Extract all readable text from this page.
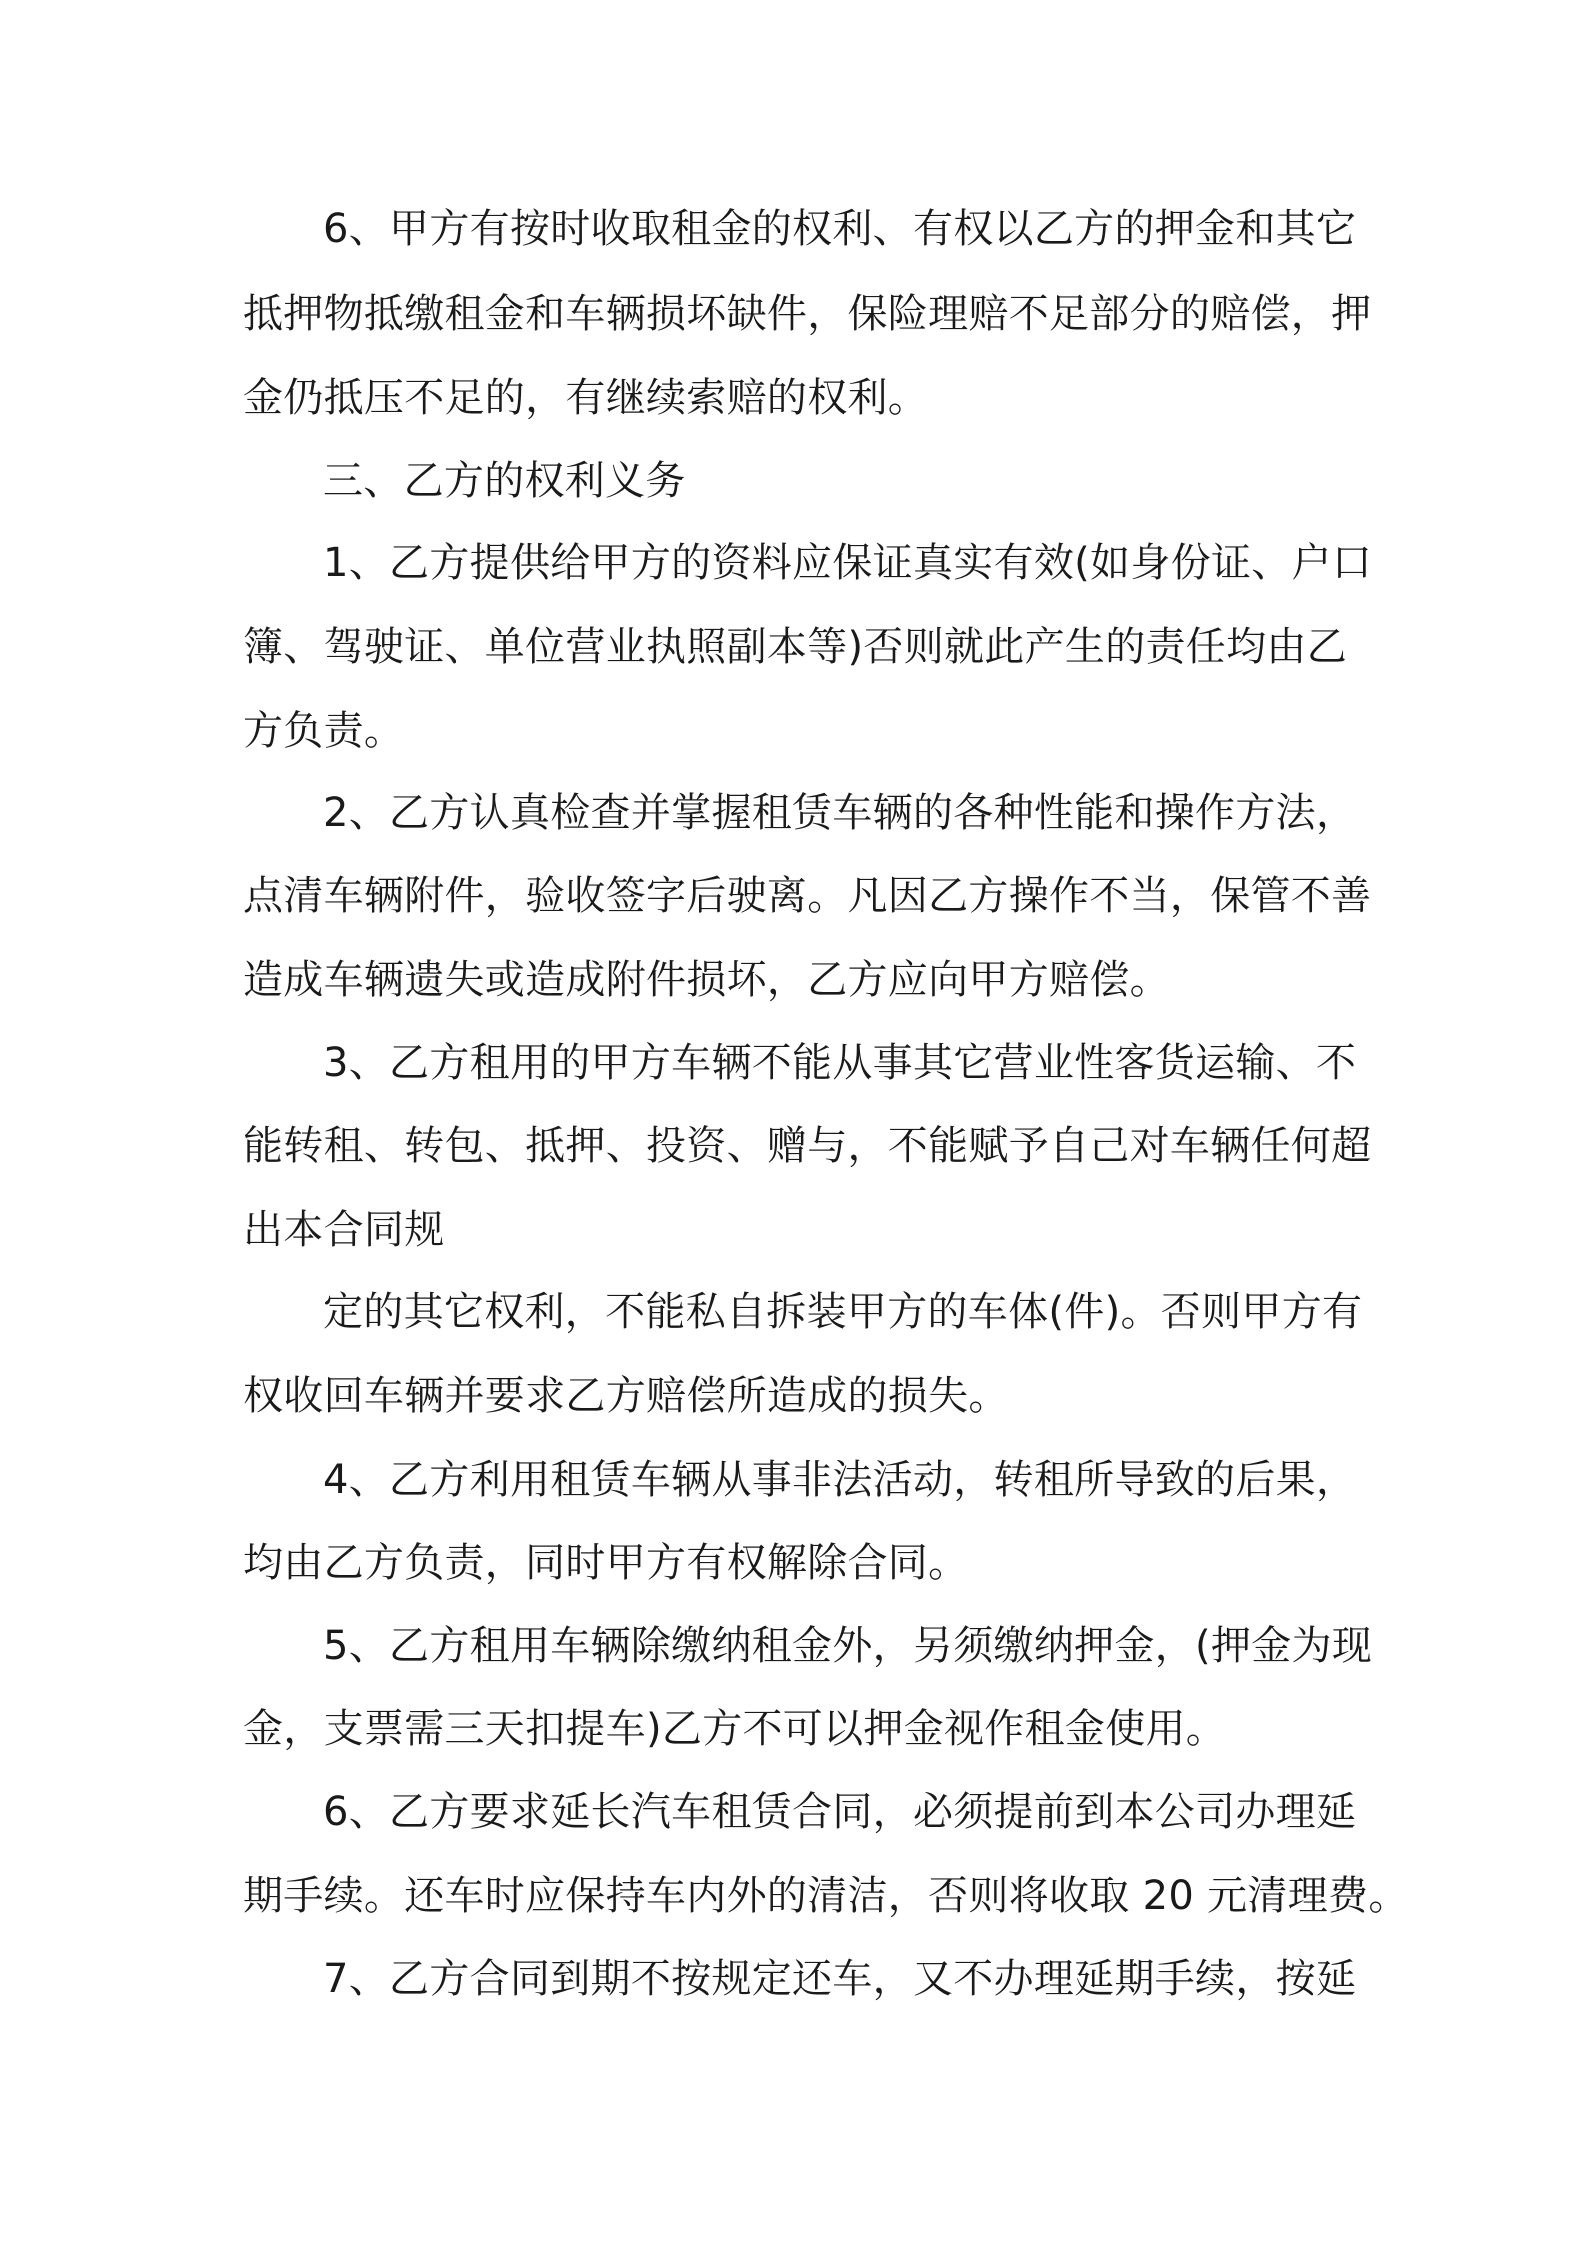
6、甲方有按时收取租金的权利、有权以乙方的押金和其它
抵押物抵缴租金和车辆损坏缺件，保险理赔不足部分的赔偿，押
金仍抵压不足的，有继续索赔的权利。
三、乙方的权利义务
1、乙方提供给甲方的资料应保证真实有效(如身份证、户口
簿、驾驶证、单位营业执照副本等)否则就此产生的责任均由乙
方负责。
2、乙方认真检查并掌握租赁车辆的各种性能和操作方法，
点清车辆附件，验收签字后驶离。凡因乙方操作不当，保管不善
造成车辆遗失或造成附件损坏，乙方应向甲方赔偿。
3、乙方租用的甲方车辆不能从事其它营业性客货运输、不
能转租、转包、抵押、投资、赠与，不能赋予自己对车辆任何超
出本合同规
定的其它权利，不能私自拆装甲方的车体(件)。否则甲方有
权收回车辆并要求乙方赔偿所造成的损失。
4、乙方利用租赁车辆从事非法活动，转租所导致的后果，
均由乙方负责，同时甲方有权解除合同。
5、乙方租用车辆除缴纳租金外，另须缴纳押金，(押金为现
金，支票需三天扣提车)乙方不可以押金视作租金使用。
6、乙方要求延长汽车租赁合同，必须提前到本公司办理延
期手续。还车时应保持车内外的清洁，否则将收取 20 元清理费。
7、乙方合同到期不按规定还车，又不办理延期手续，按延
